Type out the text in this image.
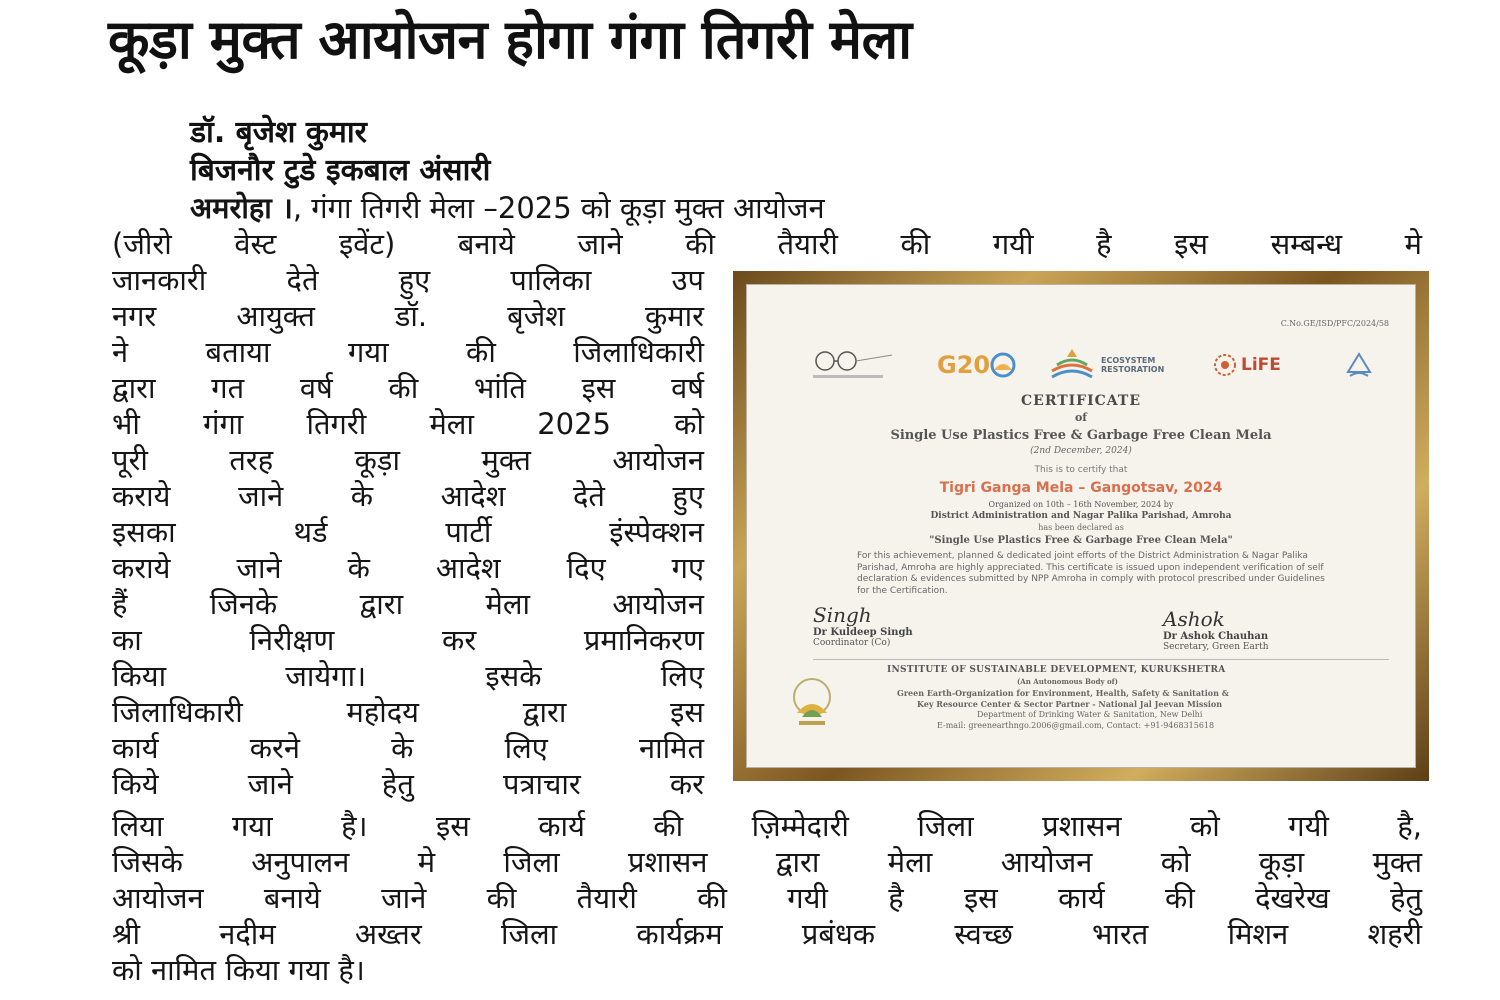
कूड़ा मुक्त आयोजन होगा गंगा तिगरी मेला
डॉ. बृजेश कुमार
बिजनौर टुडे इकबाल अंसारी
अमरोहा ।, गंगा तिगरी मेला –2025 को कूड़ा मुक्त आयोजन
(जीरो वेस्ट इवेंट) बनाये जाने की तैयारी की गयी है इस सम्बन्ध मे
जानकारी देते हुए पालिका उप
नगर आयुक्त डॉ. बृजेश कुमार
ने बताया गया की जिलाधिकारी
द्वारा गत वर्ष की भांति इस वर्ष
भी गंगा तिगरी मेला 2025 को
पूरी तरह कूड़ा मुक्त आयोजन
कराये जाने के आदेश देते हुए
इसका थर्ड पार्टी इंस्पेक्शन
कराये जाने के आदेश दिए गए
हैं जिनके द्वारा मेला आयोजन
का निरीक्षण कर प्रमानिकरण
किया जायेगा। इसके लिए
जिलाधिकारी महोदय द्वारा इस
कार्य करने के लिए नामित
किये जाने हेतु पत्राचार कर
लिया गया है। इस कार्य की ज़िम्मेदारी जिला प्रशासन को गयी है,
जिसके अनुपालन मे जिला प्रशासन द्वारा मेला आयोजन को कूड़ा मुक्त
आयोजन बनाये जाने की तैयारी की गयी है इस कार्य की देखरेख हेतु
श्री नदीम अख्तर जिला कार्यक्रम प्रबंधक स्वच्छ भारत मिशन शहरी
को नामित किया गया है।
C.No.GE/ISD/PFC/2024/58
G20	ECOSYSTEM
RESTORATION	LiFE
CERTIFICATE
of
Single Use Plastics Free & Garbage Free Clean Mela
(2nd December, 2024)
This is to certify that
Tigri Ganga Mela – Gangotsav, 2024
Organized on 10th – 16th November, 2024 by
District Administration and Nagar Palika Parishad, Amroha
has been declared as
"Single Use Plastics Free & Garbage Free Clean Mela"
For this achievement, planned & dedicated joint efforts of the District Administration & Nagar Palika Parishad, Amroha are highly appreciated. This certificate is issued upon independent verification of self declaration & evidences submitted by NPP Amroha in comply with protocol prescribed under Guidelines for the Certification.
Singh
Dr Kuldeep Singh
Coordinator (Co)
Ashok
Dr Ashok Chauhan
Secretary, Green Earth
INSTITUTE OF SUSTAINABLE DEVELOPMENT, KURUKSHETRA
(An Autonomous Body of)
Green Earth-Organization for Environment, Health, Safety & Sanitation &
Key Resource Center & Sector Partner - National Jal Jeevan Mission
Department of Drinking Water & Sanitation, New Delhi
E-mail: greenearthngo.2006@gmail.com, Contact: +91-9468315618
